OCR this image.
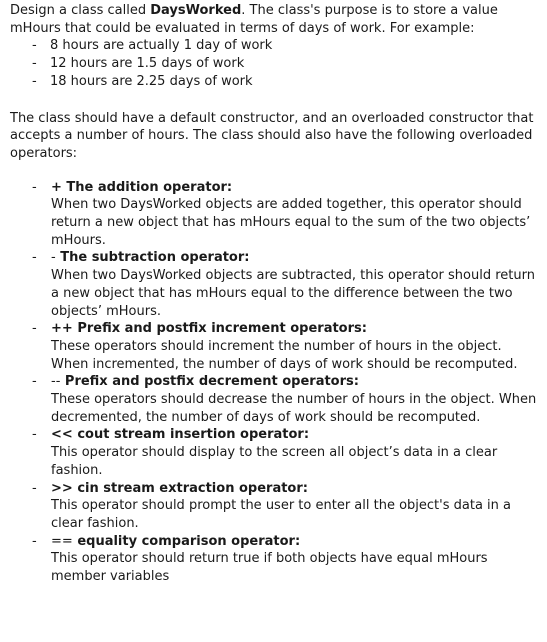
Design a class called DaysWorked. The class's purpose is to store a value mHours that could be evaluated in terms of days of work. For example:

- 8 hours are actually 1 day of work
- 12 hours are 1.5 days of work
- 18 hours are 2.25 days of work

The class should have a default constructor, and an overloaded constructor that accepts a number of hours. The class should also have the following overloaded operators:

- + The addition operator:
When two DaysWorked objects are added together, this operator should return a new object that has mHours equal to the sum of the two objects’ mHours.
- - The subtraction operator:
When two DaysWorked objects are subtracted, this operator should return a new object that has mHours equal to the difference between the two objects’ mHours.
- ++ Prefix and postfix increment operators:
These operators should increment the number of hours in the object. When incremented, the number of days of work should be recomputed.
- -- Prefix and postfix decrement operators:
These operators should decrease the number of hours in the object. When decremented, the number of days of work should be recomputed.
- << cout stream insertion operator:
This operator should display to the screen all object’s data in a clear fashion.
- >> cin stream extraction operator:
This operator should prompt the user to enter all the object's data in a clear fashion.
- == equality comparison operator:
This operator should return true if both objects have equal mHours member variables
